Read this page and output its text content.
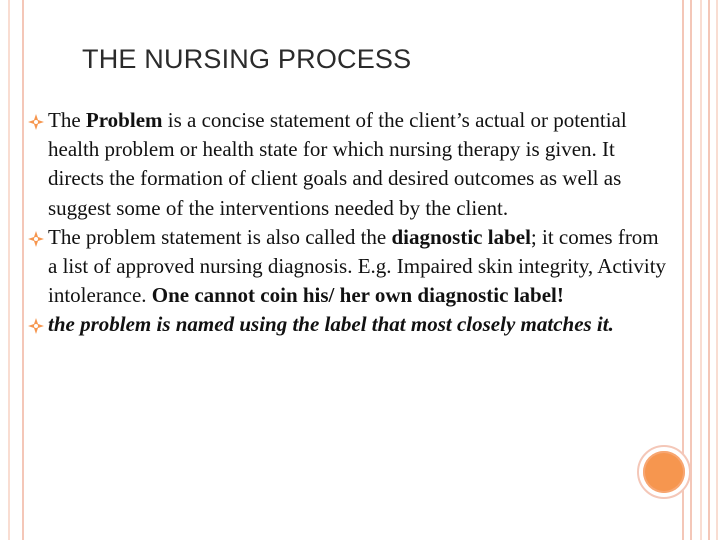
THE NURSING PROCESS
The Problem is a concise statement of the client’s actual or potential health problem or health state for which nursing therapy is given. It directs the formation of client goals and desired outcomes as well as suggest some of the interventions needed by the client.
The problem statement is also called the diagnostic label; it comes from a list of approved nursing diagnosis. E.g. Impaired skin integrity, Activity intolerance. One cannot coin his/ her own diagnostic label!
the problem is named using the label that most closely matches it.
